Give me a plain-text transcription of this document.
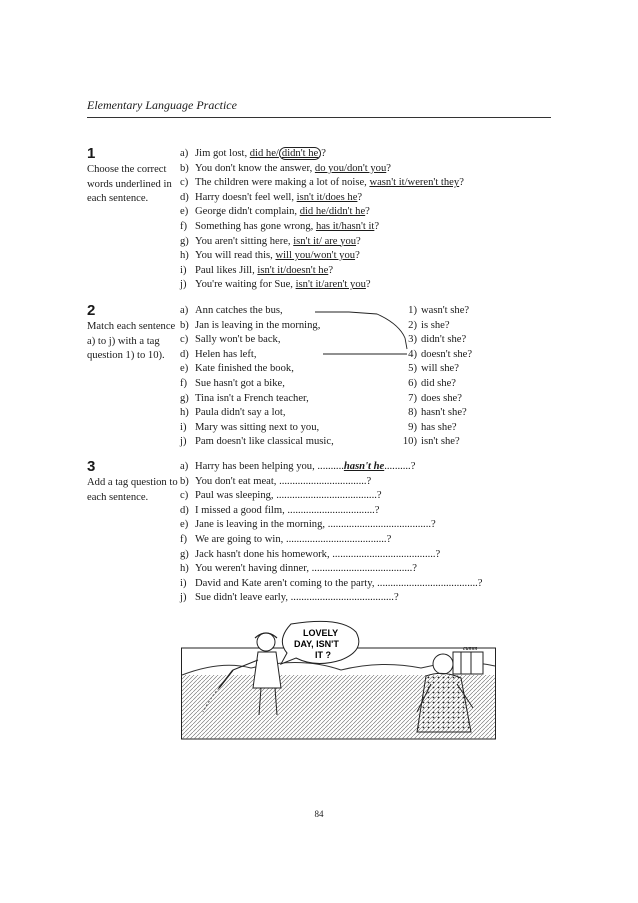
Elementary Language Practice
1
Choose the correct words underlined in each sentence.
a) Jim got lost, did he/ didn't he ?
b) You don't know the answer, do you/don't you?
c) The children were making a lot of noise, wasn't it/weren't they?
d) Harry doesn't feel well, isn't it/does he?
e) George didn't complain, did he/didn't he?
f) Something has gone wrong, has it/hasn't it?
g) You aren't sitting here, isn't it/ are you?
h) You will read this, will you/won't you?
i) Paul likes Jill, isn't it/doesn't he?
j) You're waiting for Sue, isn't it/aren't you?
2
Match each sentence a) to j) with a tag question 1) to 10).
a) Ann catches the bus,
b) Jan is leaving in the morning,
c) Sally won't be back,
d) Helen has left,
e) Kate finished the book,
f) Sue hasn't got a bike,
g) Tina isn't a French teacher,
h) Paula didn't say a lot,
i) Mary was sitting next to you,
j) Pam doesn't like classical music,
1) wasn't she?
2) is she?
3) didn't she?
4) doesn't she?
5) will she?
6) did she?
7) does she?
8) hasn't she?
9) has she?
10) isn't she?
3
Add a tag question to each sentence.
a) Harry has been helping you, ..........hasn't he..........?
b) You don't eat meat, .................................?
c) Paul was sleeping, ......................................?
d) I missed a good film, .................................?
e) Jane is leaving in the morning, .......................................?
f) We are going to win, ......................................?
g) Jack hasn't done his homework, .......................................?
h) You weren't having dinner, ......................................?
i) David and Kate aren't coming to the party, ......................................?
j) Sue didn't leave early, .......................................?
LOVELY
DAY, ISN'T
IT ?
cumm
84
